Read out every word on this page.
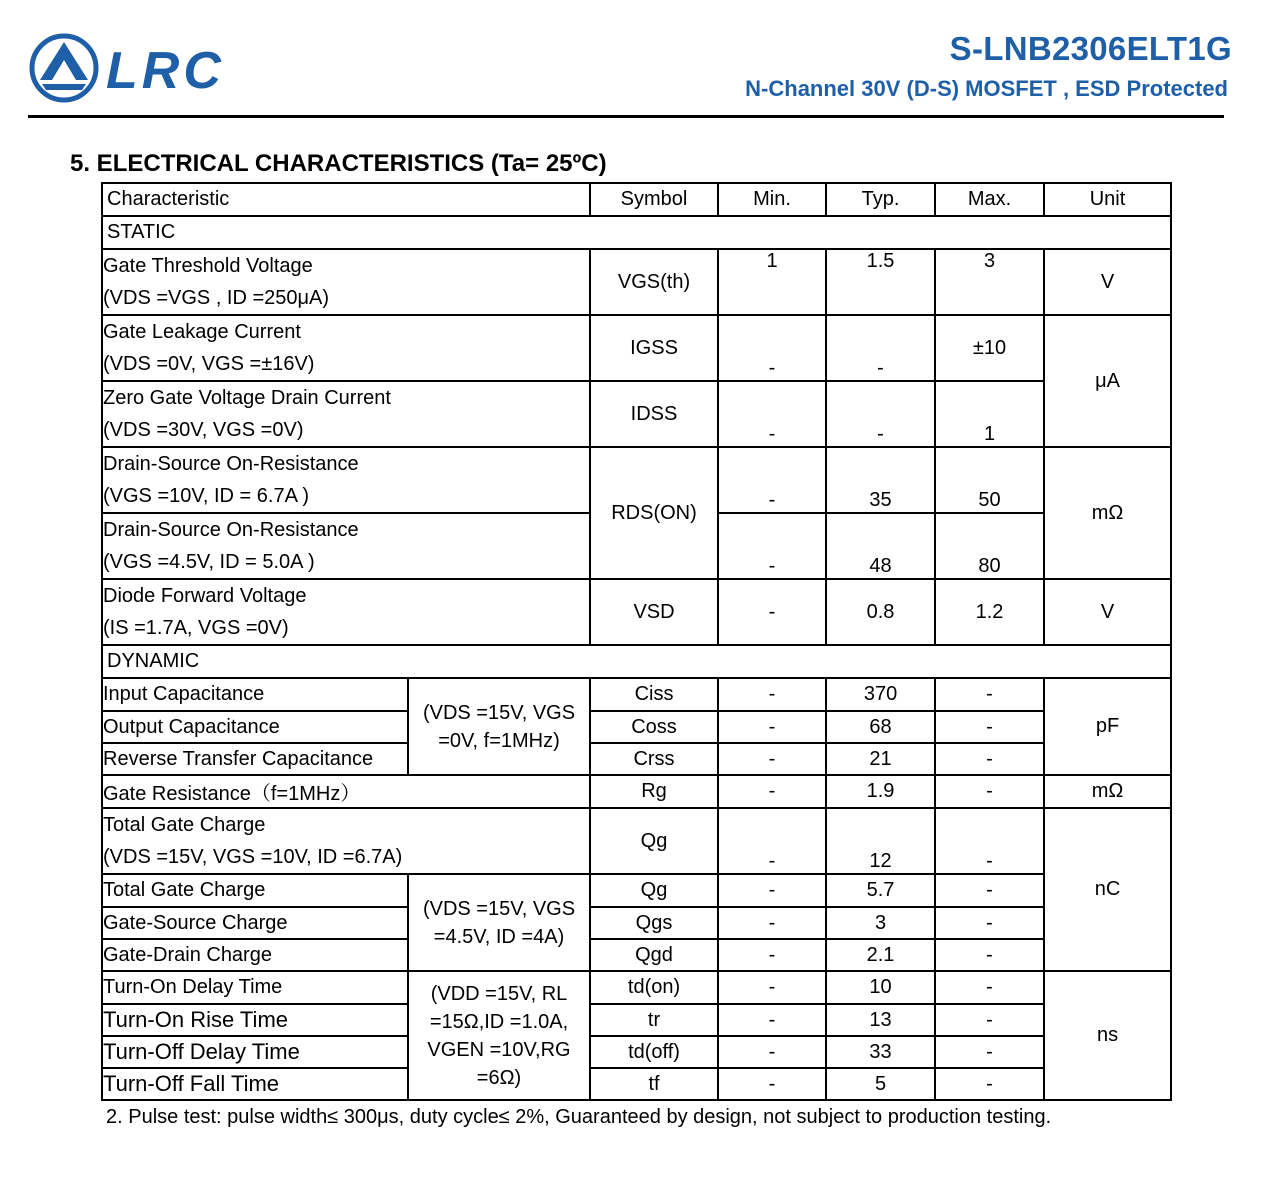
LRC	S-LNB2306ELT1G
N-Channel 30V (D-S) MOSFET , ESD Protected
5. ELECTRICAL CHARACTERISTICS (Ta= 25ºC)
Characteristic		Symbol	Min.	Typ.	Max.	Unit
STATIC						

Gate Threshold Voltage
(VDS =VGS , ID =250μA)		VGS(th)	1	1.5	3	V

Gate Leakage Current
(VDS =0V, VGS =±16V)		IGSS	-	-	±10	μA

Zero Gate Voltage Drain Current
(VDS =30V, VGS =0V)		IDSS	-	-	1	

Drain-Source On-Resistance
(VGS =10V, ID = 6.7A )		RDS(ON)	-	35	50	mΩ

Drain-Source On-Resistance
(VGS =4.5V, ID = 5.0A )			-	48	80	

Diode Forward Voltage
(IS =1.7A, VGS =0V)		VSD	-	0.8	1.2	V
DYNAMIC						
Input Capacitance	(VDS =15V, VGS
=0V, f=1MHz)	Ciss	-	370	-	pF
Output Capacitance		Coss	-	68	-	
Reverse Transfer Capacitance		Crss	-	21	-	
Gate Resistance（f=1MHz）		Rg	-	1.9	-	mΩ

Total Gate Charge
(VDS =15V, VGS =10V, ID =6.7A)		Qg	-	12	-	nC
Total Gate Charge	(VDS =15V, VGS
=4.5V, ID =4A)	Qg	-	5.7	-	
Gate-Source Charge		Qgs	-	3	-	
Gate-Drain Charge		Qgd	-	2.1	-	
Turn-On Delay Time	(VDD =15V, RL
=15Ω,ID =1.0A,
VGEN =10V,RG
=6Ω)	td(on)	-	10	-	ns
Turn-On Rise Time		tr	-	13	-	
Turn-Off Delay Time		td(off)	-	33	-	
Turn-Off Fall Time		tf	-	5	-	
2. Pulse test: pulse width≤ 300μs, duty cycle≤ 2%, Guaranteed by design, not subject to production testing.
